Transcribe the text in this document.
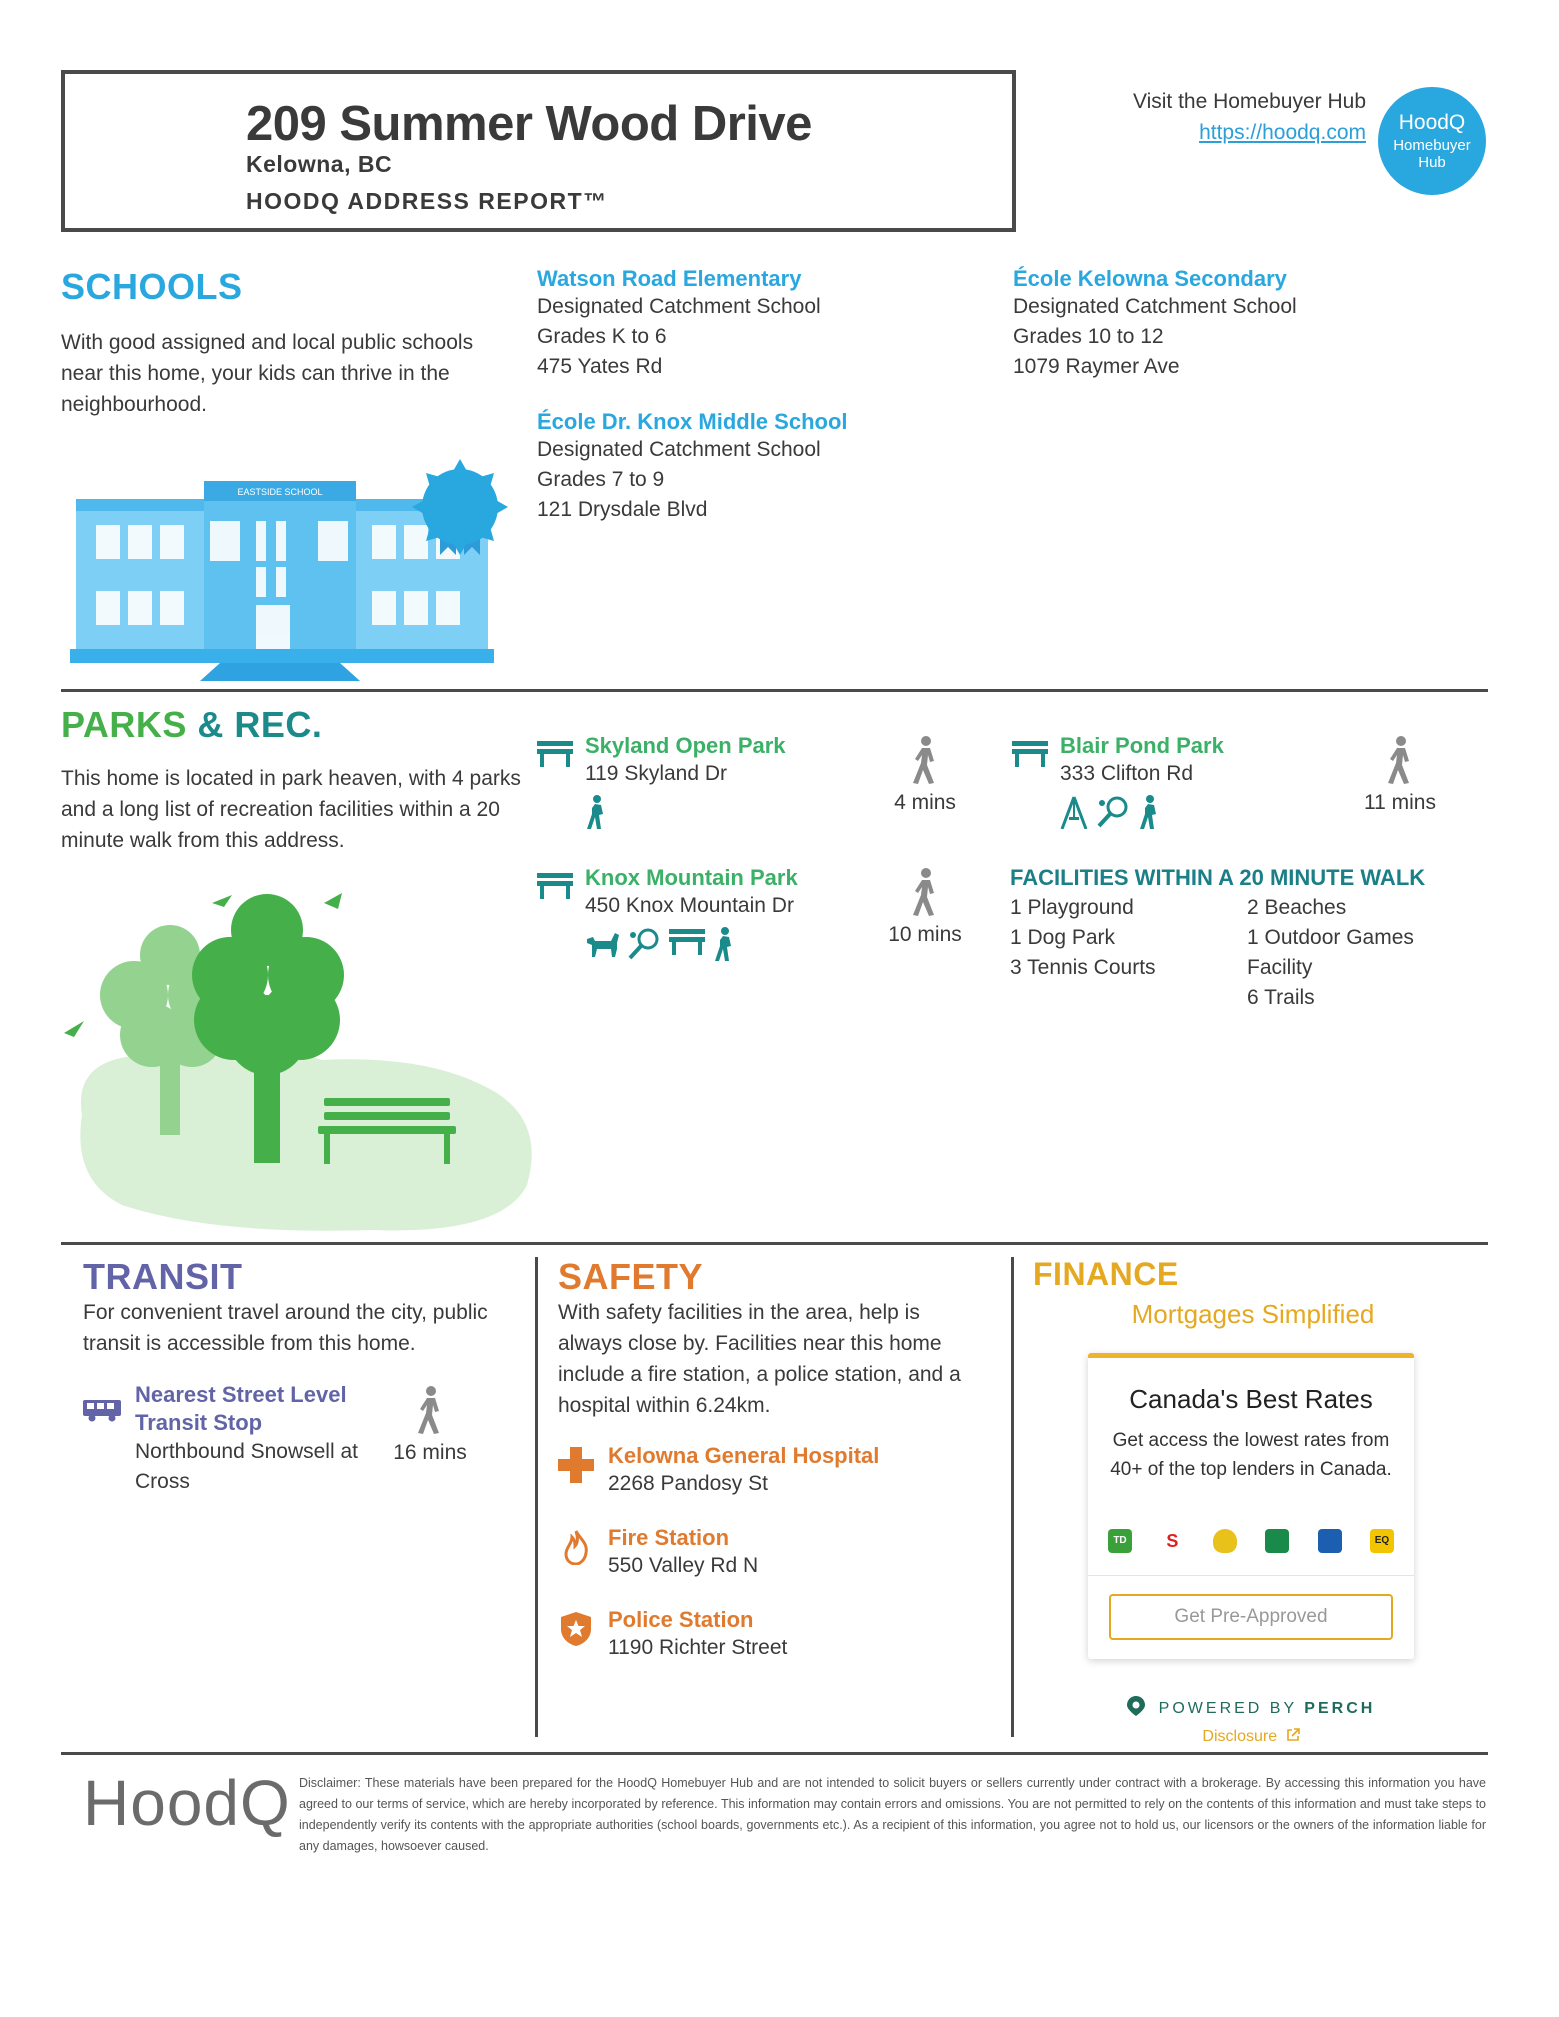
209 Summer Wood Drive
Kelowna, BC
HOODQ ADDRESS REPORT™
Visit the Homebuyer Hub
https://hoodq.com	HoodQ
Homebuyer
Hub
SCHOOLS
With good assigned and local public schools near this home, your kids can thrive in the neighbourhood.
Watson Road Elementary
Designated Catchment School
Grades K to 6
475 Yates Rd
École Kelowna Secondary
Designated Catchment School
Grades 10 to 12
1079 Raymer Ave
École Dr. Knox Middle School
Designated Catchment School
Grades 7 to 9
121 Drysdale Blvd
EASTSIDE SCHOOL
PARKS & REC.
This home is located in park heaven, with 4 parks and a long list of recreation facilities within a 20 minute walk from this address.
Skyland Open Park
119 Skyland Dr
4 mins
Blair Pond Park
333 Clifton Rd
11 mins
Knox Mountain Park
450 Knox Mountain Dr
10 mins
FACILITIES WITHIN A 20 MINUTE WALK
1 Playground
1 Dog Park
3 Tennis Courts
2 Beaches
1 Outdoor Games
Facility
6 Trails
TRANSIT
For convenient travel around the city, public transit is accessible from this home.
Nearest Street Level
Transit Stop
Northbound Snowsell at
Cross
16 mins
SAFETY
With safety facilities in the area, help is always close by. Facilities near this home include a fire station, a police station, and a hospital within 6.24km.
Kelowna General Hospital
2268 Pandosy St
Fire Station
550 Valley Rd N
Police Station
1190 Richter Street
FINANCE
Mortgages Simplified
Canada's Best Rates
Get access the lowest rates from 40+ of the top lenders in Canada.
TD	S	EQ
Get Pre-Approved
POWERED BY PERCH
Disclosure
HoodQ Disclaimer: These materials have been prepared for the HoodQ Homebuyer Hub and are not intended to solicit buyers or sellers currently under contract with a brokerage. By accessing this information you have agreed to our terms of service, which are hereby incorporated by reference. This information may contain errors and omissions. You are not permitted to rely on the contents of this information and must take steps to independently verify its contents with the appropriate authorities (school boards, governments etc.). As a recipient of this information, you agree not to hold us, our licensors or the owners of the information liable for any damages, howsoever caused.
